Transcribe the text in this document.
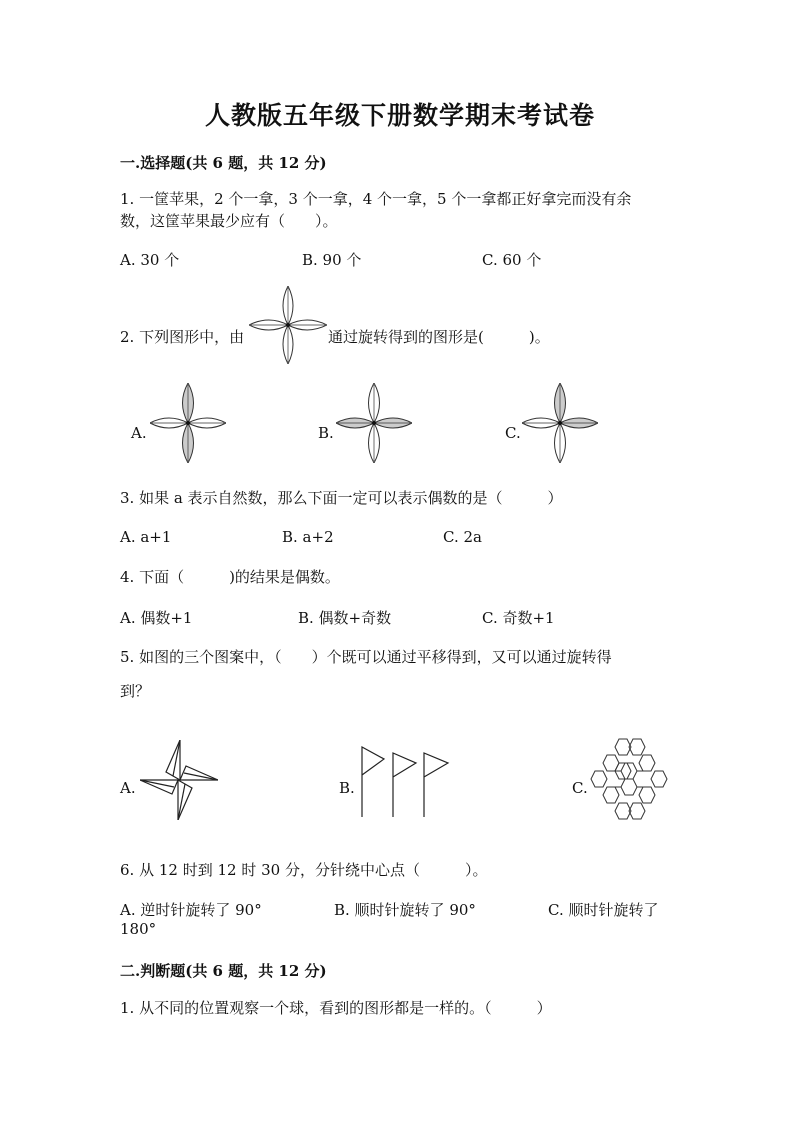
人教版五年级下册数学期末考试卷
一.选择题(共 6 题，共 12 分)
1. 一筐苹果，2 个一拿，3 个一拿，4 个一拿，5 个一拿都正好拿完而没有余
数，这筐苹果最少应有（　　）。
A. 30 个	B. 90 个	C. 60 个
2. 下列图形中，由	通过旋转得到的图形是(　　　)。
A.	B.	C.
3. 如果 a 表示自然数，那么下面一定可以表示偶数的是（　　　）
A. a+1	B. a+2	C. 2a
4. 下面（　　　)的结果是偶数。
A. 偶数+1	B. 偶数+奇数	C. 奇数+1
5. 如图的三个图案中，（　　）个既可以通过平移得到，又可以通过旋转得
到？
A.	B.	C.
6. 从 12 时到 12 时 30 分，分针绕中心点（　　　）。
A. 逆时针旋转了 90°	B. 顺时针旋转了 90°	C. 顺时针旋转了
180°
二.判断题(共 6 题，共 12 分)
1. 从不同的位置观察一个球，看到的图形都是一样的。（　　　）
